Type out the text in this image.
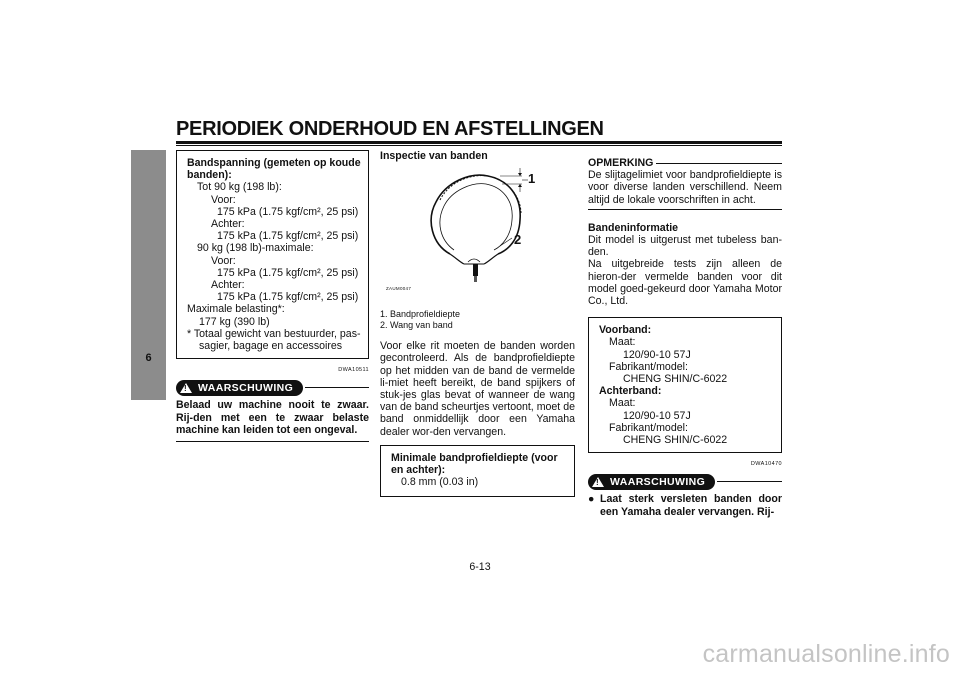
PERIODIEK ONDERHOUD EN AFSTELLINGEN
6
Bandspanning (gemeten op koude banden):
Tot 90 kg (198 lb):
Voor:
175 kPa (1.75 kgf/cm², 25 psi)
Achter:
175 kPa (1.75 kgf/cm², 25 psi)
90 kg (198 lb)-maximale:
Voor:
175 kPa (1.75 kgf/cm², 25 psi)
Achter:
175 kPa (1.75 kgf/cm², 25 psi)
Maximale belasting*:
177 kg (390 lb)
* Totaal gewicht van bestuurder, pas-
sagier, bagage en accessoires
DWA10511
! WAARSCHUWING
Belaad uw machine nooit te zwaar. Rij-den met een te zwaar belaste machine kan leiden tot een ongeval.
Inspectie van banden
1
2
ZAUM0047
1. Bandprofieldiepte
2. Wang van band
Voor elke rit moeten de banden worden gecontroleerd. Als de bandprofieldiepte op het midden van de band de vermelde li-miet heeft bereikt, de band spijkers of stuk-jes glas bevat of wanneer de wang van de band scheurtjes vertoont, moet de band onmiddellijk door een Yamaha dealer wor-den vervangen.
Minimale bandprofieldiepte (voor en achter):
0.8 mm (0.03 in)
OPMERKING
De slijtagelimiet voor bandprofieldiepte is voor diverse landen verschillend. Neem altijd de lokale voorschriften in acht.
Bandeninformatie
Dit model is uitgerust met tubeless ban-den.
Na uitgebreide tests zijn alleen de hieron-der vermelde banden voor dit model goed-gekeurd door Yamaha Motor Co., Ltd.
Voorband:
Maat:
120/90-10 57J
Fabrikant/model:
CHENG SHIN/C-6022
Achterband:
Maat:
120/90-10 57J
Fabrikant/model:
CHENG SHIN/C-6022
DWA10470
! WAARSCHUWING
● Laat sterk versleten banden door een Yamaha dealer vervangen. Rij-
6-13
carmanualsonline.info
